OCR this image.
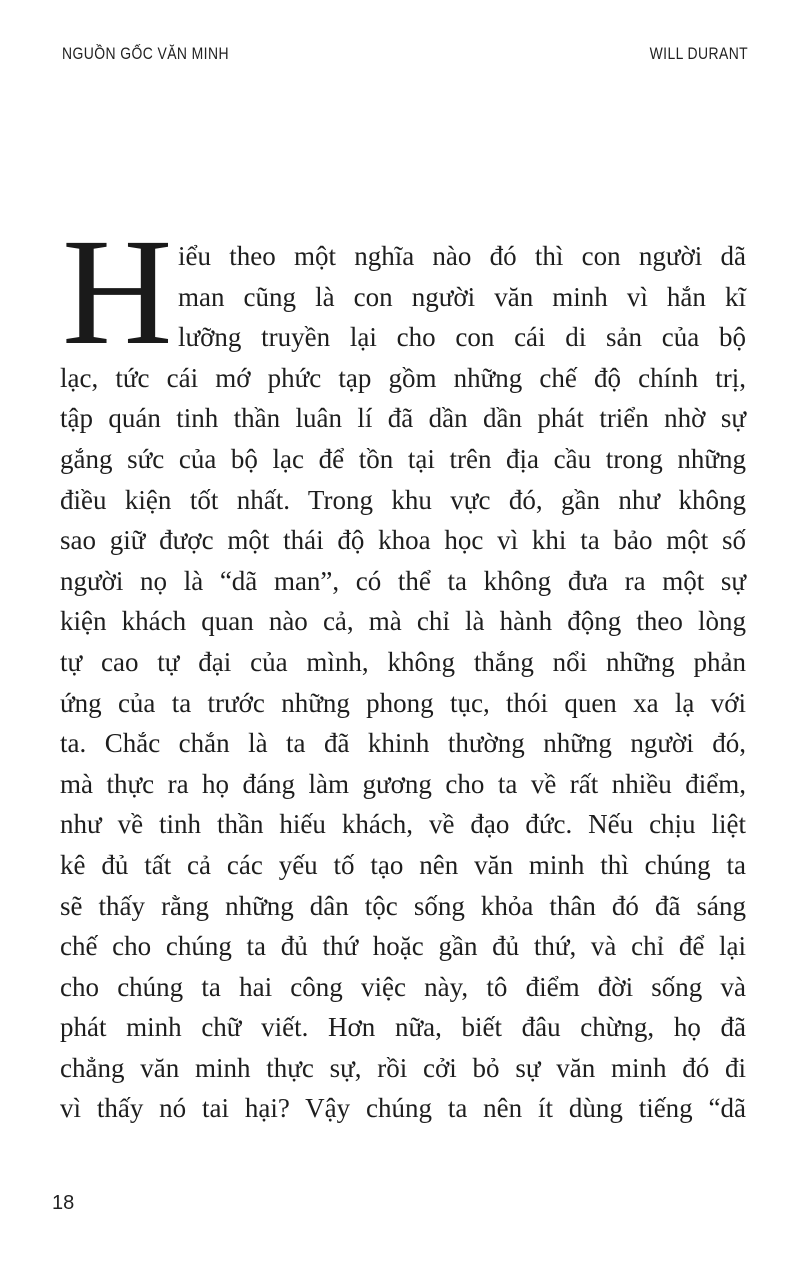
NGUỒN GỐC VĂN MINH	WILL DURANT
H iểu theo một nghĩa nào đó thì con người dã
man cũng là con người văn minh vì hắn kĩ
lưỡng truyền lại cho con cái di sản của bộ
lạc, tức cái mớ phức tạp gồm những chế độ chính trị,
tập quán tinh thần luân lí đã dần dần phát triển nhờ sự
gắng sức của bộ lạc để tồn tại trên địa cầu trong những
điều kiện tốt nhất. Trong khu vực đó, gần như không
sao giữ được một thái độ khoa học vì khi ta bảo một số
người nọ là “dã man”, có thể ta không đưa ra một sự
kiện khách quan nào cả, mà chỉ là hành động theo lòng
tự cao tự đại của mình, không thắng nổi những phản
ứng của ta trước những phong tục, thói quen xa lạ với
ta. Chắc chắn là ta đã khinh thường những người đó,
mà thực ra họ đáng làm gương cho ta về rất nhiều điểm,
như về tinh thần hiếu khách, về đạo đức. Nếu chịu liệt
kê đủ tất cả các yếu tố tạo nên văn minh thì chúng ta
sẽ thấy rằng những dân tộc sống khỏa thân đó đã sáng
chế cho chúng ta đủ thứ hoặc gần đủ thứ, và chỉ để lại
cho chúng ta hai công việc này, tô điểm đời sống và
phát minh chữ viết. Hơn nữa, biết đâu chừng, họ đã
chẳng văn minh thực sự, rồi cởi bỏ sự văn minh đó đi
vì thấy nó tai hại? Vậy chúng ta nên ít dùng tiếng “dã
18
